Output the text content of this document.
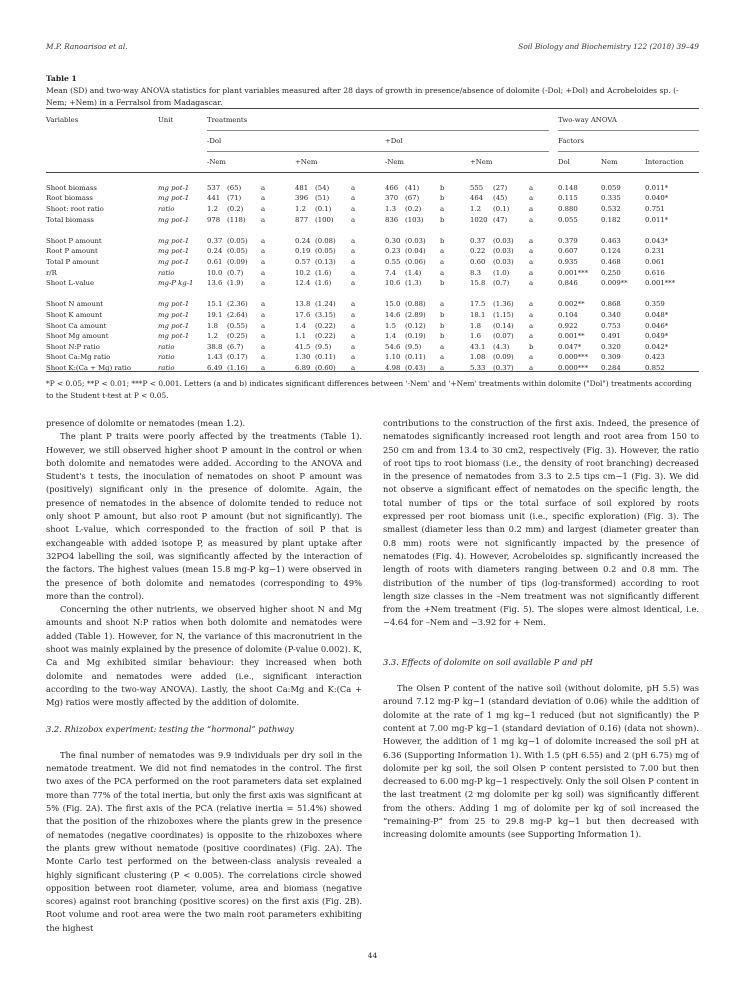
M.P. Ranoarisoa et al.	Soil Biology and Biochemistry 122 (2018) 39–49
Table 1
Mean (SD) and two-way ANOVA statistics for plant variables measured after 28 days of growth in presence/absence of dolomite (-Dol; +Dol) and Acrobeloides sp. (-Nem; +Nem) in a Ferralsol from Madagascar.
Variables	Unit	Treatments												Two-way ANOVA		
		-Dol						+Dol						Factors		
		-Nem			+Nem			-Nem			+Nem			Dol	Nem	Interaction

Shoot biomass	mg pot-1	537	(65)	a	481	(54)	a	466	(41)	b	555	(27)	a	0.148	0.059	0.011*
Root biomass	mg pot-1	441	(71)	a	396	(51)	a	370	(67)	b	464	(45)	a	0.115	0.335	0.040*
Shoot: root ratio	ratio	1.2	(0.2)	a	1.2	(0.1)	a	1.3	(0.2)	a	1.2	(0.1)	a	0.880	0.532	0.751
Total biomass	mg pot-1	978	(118)	a	877	(100)	a	836	(103)	b	1020	(47)	a	0.055	0.182	0.011*

Shoot P amount	mg pot-1	0.37	(0.05)	a	0.24	(0.08)	a	0.30	(0.03)	b	0.37	(0.03)	a	0.379	0.463	0.043*
Root P amount	mg pot-1	0.24	(0.05)	a	0.19	(0.05)	a	0.23	(0.04)	a	0.22	(0.03)	a	0.607	0.124	0.231
Total P amount	mg pot-1	0.61	(0.09)	a	0.57	(0.13)	a	0.55	(0.06)	a	0.60	(0.03)	a	0.935	0.468	0.061
r/R	ratio	10.0	(0.7)	a	10.2	(1.6)	a	7.4	(1.4)	a	8.3	(1.0)	a	0.001***	0.250	0.616
Shoot L-value	mg-P kg-1	13.6	(1.9)	a	12.4	(1.6)	a	10.6	(1.3)	b	15.8	(0.7)	a	0.846	0.009**	0.001***

Shoot N amount	mg pot-1	15.1	(2.36)	a	13.8	(1.24)	a	15.0	(0.88)	a	17.5	(1.36)	a	0.002**	0.868	0.359
Shoot K amount	mg pot-1	19.1	(2.64)	a	17.6	(3.15)	a	14.6	(2.89)	b	18.1	(1.15)	a	0.104	0.340	0.048*
Shoot Ca amount	mg pot-1	1.8	(0.55)	a	1.4	(0.22)	a	1.5	(0.12)	b	1.8	(0.14)	a	0.922	0.753	0.046*
Shoot Mg amount	mg pot-1	1.2	(0.25)	a	1.1	(0.22)	a	1.4	(0.19)	b	1.6	(0.07)	a	0.001**	0.491	0.049*
Shoot N:P ratio	ratio	38.8	(6.7)	a	41.5	(9.5)	a	54.6	(9.5)	a	43.1	(4.3)	b	0.047*	0.320	0.042*
Shoot Ca:Mg ratio	ratio	1.43	(0.17)	a	1.30	(0.11)	a	1.10	(0.11)	a	1.08	(0.09)	a	0.000***	0.309	0.423
Shoot K:(Ca + Mg) ratio	ratio	6.49	(1.16)	a	6.89	(0.60)	a	4.98	(0.43)	a	5.33	(0.37)	a	0.000***	0.284	0.852
*P < 0.05; **P < 0.01; ***P < 0.001. Letters (a and b) indicates significant differences between '-Nem' and '+Nem' treatments within dolomite ("Dol") treatments according to the Student t-test at P < 0.05.

presence of dolomite or nematodes (mean 1.2).

The plant P traits were poorly affected by the treatments (Table 1). However, we still observed higher shoot P amount in the control or when both dolomite and nematodes were added. According to the ANOVA and Student's t tests, the inoculation of nematodes on shoot P amount was (positively) significant only in the presence of dolomite. Again, the presence of nematodes in the absence of dolomite tended to reduce not only shoot P amount, but also root P amount (but not significantly). The shoot L-value, which corresponded to the fraction of soil P that is exchangeable with added isotope P, as measured by plant uptake after 32PO4 labelling the soil, was significantly affected by the interaction of the factors. The highest values (mean 15.8 mg-P kg−1) were observed in the presence of both dolomite and nematodes (corresponding to 49% more than the control).

Concerning the other nutrients, we observed higher shoot N and Mg amounts and shoot N:P ratios when both dolomite and nematodes were added (Table 1). However, for N, the variance of this macronutrient in the shoot was mainly explained by the presence of dolomite (P-value 0.002). K, Ca and Mg exhibited similar behaviour: they increased when both dolomite and nematodes were added (i.e., significant interaction according to the two-way ANOVA). Lastly, the shoot Ca:Mg and K:(Ca + Mg) ratios were mostly affected by the addition of dolomite.

3.2. Rhizobox experiment: testing the “hormonal” pathway

The final number of nematodes was 9.9 individuals per dry soil in the nematode treatment. We did not find nematodes in the control. The first two axes of the PCA performed on the root parameters data set explained more than 77% of the total inertia, but only the first axis was significant at 5% (Fig. 2A). The first axis of the PCA (relative inertia = 51.4%) showed that the position of the rhizoboxes where the plants grew in the presence of nematodes (negative coordinates) is opposite to the rhizoboxes where the plants grew without nematode (positive coordinates) (Fig. 2A). The Monte Carlo test performed on the between-class analysis revealed a highly significant clustering (P < 0.005). The correlations circle showed opposition between root diameter, volume, area and biomass (negative scores) against root branching (positive scores) on the first axis (Fig. 2B). Root volume and root area were the two main root parameters exhibiting the highest

contributions to the construction of the first axis. Indeed, the presence of nematodes significantly increased root length and root area from 150 to 250 cm and from 13.4 to 30 cm2, respectively (Fig. 3). However, the ratio of root tips to root biomass (i.e., the density of root branching) decreased in the presence of nematodes from 3.3 to 2.5 tips cm−1 (Fig. 3). We did not observe a significant effect of nematodes on the specific length, the total number of tips or the total surface of soil explored by roots expressed per root biomass unit (i.e., specific exploration) (Fig. 3). The smallest (diameter less than 0.2 mm) and largest (diameter greater than 0.8 mm) roots were not significantly impacted by the presence of nematodes (Fig. 4). However, Acrobeloides sp. significantly increased the length of roots with diameters ranging between 0.2 and 0.8 mm. The distribution of the number of tips (log-transformed) according to root length size classes in the –Nem treatment was not significantly different from the +Nem treatment (Fig. 5). The slopes were almost identical, i.e. −4.64 for –Nem and −3.92 for + Nem.

3.3. Effects of dolomite on soil available P and pH

The Olsen P content of the native soil (without dolomite, pH 5.5) was around 7.12 mg-P kg−1 (standard deviation of 0.06) while the addition of dolomite at the rate of 1 mg kg−1 reduced (but not significantly) the P content at 7.00 mg-P kg−1 (standard deviation of 0.16) (data not shown). However, the addition of 1 mg kg−1 of dolomite increased the soil pH at 6.36 (Supporting Information 1). With 1.5 (pH 6.55) and 2 (pH 6.75) mg of dolomite per kg soil, the soil Olsen P content persisted to 7.00 but then decreased to 6.00 mg-P kg−1 respectively. Only the soil Olsen P content in the last treatment (2 mg dolomite per kg soil) was significantly different from the others. Adding 1 mg of dolomite per kg of soil increased the “remaining-P” from 25 to 29.8 mg-P kg−1 but then decreased with increasing dolomite amounts (see Supporting Information 1).

44
